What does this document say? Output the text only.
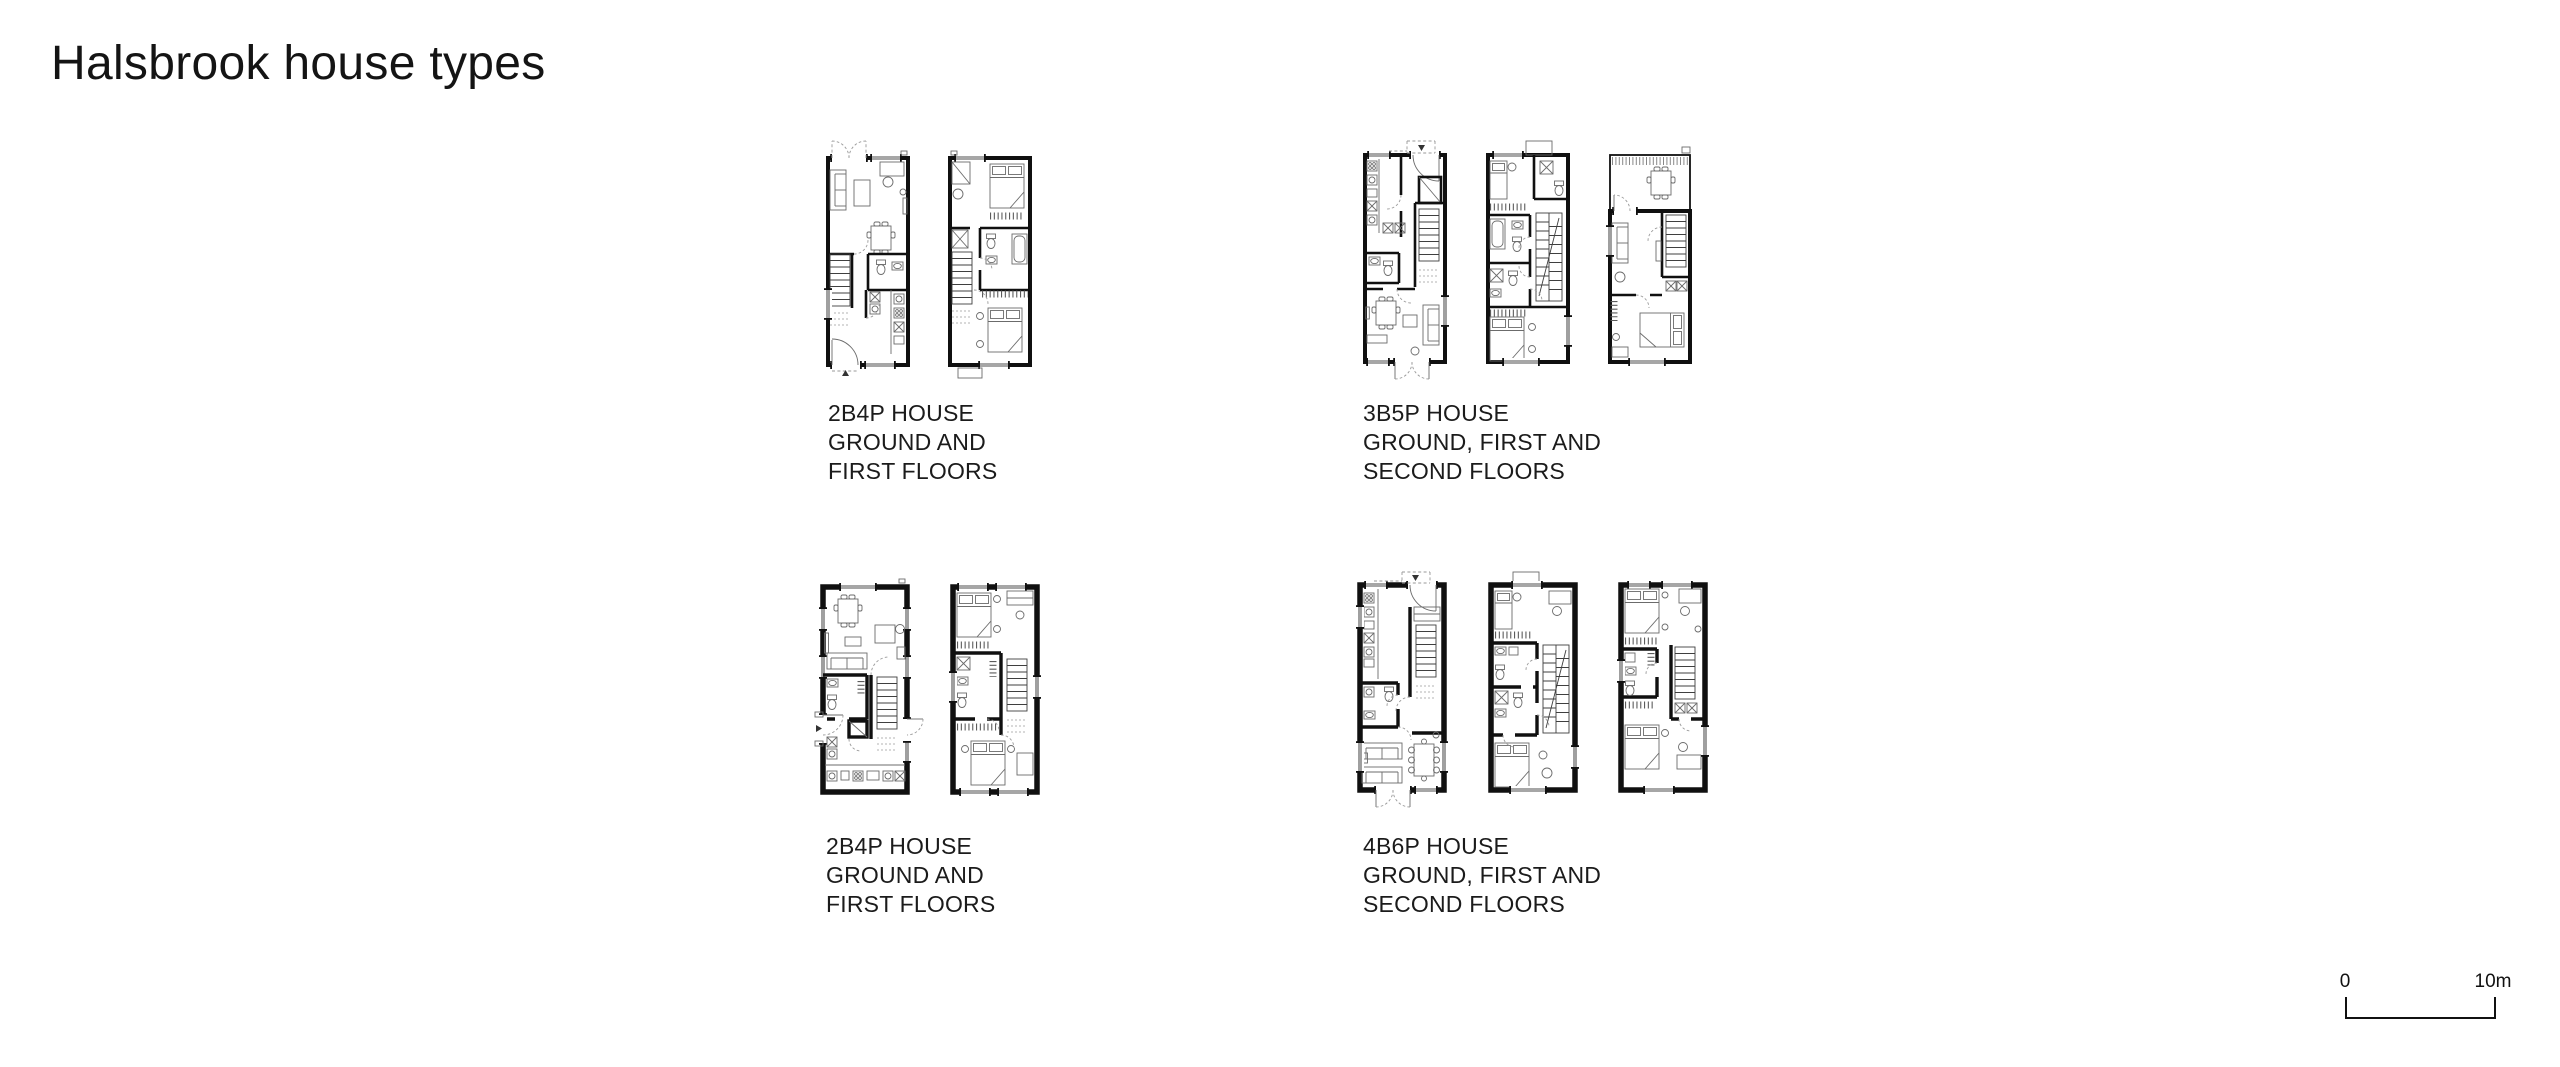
Halsbrook house types
2B4P HOUSE
GROUND AND
FIRST FLOORS
3B5P HOUSE
GROUND, FIRST AND
SECOND FLOORS
2B4P HOUSE
GROUND AND
FIRST FLOORS
4B6P HOUSE
GROUND, FIRST AND
SECOND FLOORS
0	10m
